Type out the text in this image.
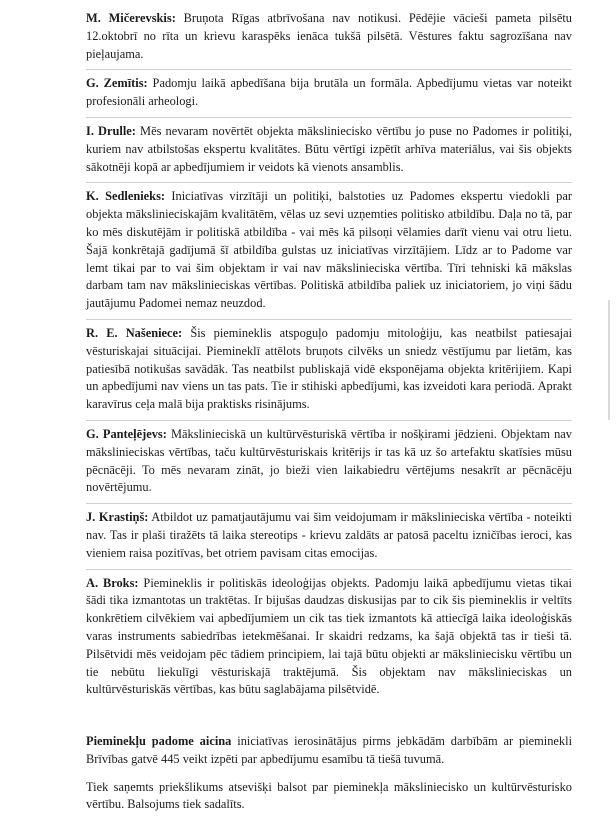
M. Mičerevskis: Bruņota Rīgas atbrīvošana nav notikusi. Pēdējie vācieši pameta pilsētu 12.oktobrī no rīta un krievu karaspēks ienāca tukšā pilsētā. Vēstures faktu sagrozīšana nav pieļaujama.
G. Zemītis: Padomju laikā apbedīšana bija brutāla un formāla. Apbedījumu vietas var noteikt profesionāli arheologi.
I. Drulle: Mēs nevaram novērtēt objekta mākslinieciskο vērtību jo puse no Padomes ir politiķi, kuriem nav atbilstošas ekspertu kvalitātes. Būtu vērtīgi izpētīt arhīva materiālus, vai šis objekts sākotnēji kopā ar apbedījumiem ir veidots kā vienots ansamblis.
K. Sedlenieks: Iniciatīvas virzītāji un politiķi, balstoties uz Padomes ekspertu viedokli par objekta mākslinieciskajām kvalitātēm, vēlas uz sevi uzņemties politisko atbildību. Daļa no tā, par ko mēs diskutējām ir politiskā atbildība - vai mēs kā pilsoņi vēlamies darīt vienu vai otru lietu. Šajā konkrētajā gadījumā šī atbildība gulstas uz iniciatīvas virzītājiem. Līdz ar to Padome var lemt tikai par to vai šim objektam ir vai nav mākslinieciska vērtība. Tīri tehniski kā mākslas darbam tam nav mākslinieciskas vērtības. Politiskā atbildība paliek uz iniciatoriem, jo viņi šādu jautājumu Padomei nemaz neuzdod.
R. E. Našeniece: Šis piemineklis atspoguļo padomju mitoloģiju, kas neatbilst patiesajai vēsturiskajai situācijai. Piemineklī attēlots bruņots cilvēks un sniedz vēstījumu par lietām, kas patiesībā notikušas savādāk. Tas neatbilst publiskajā vidē eksponējama objekta kritērijiem. Kapi un apbedījumi nav viens un tas pats. Tie ir stihiski apbedījumi, kas izveidoti kara periodā. Aprakt karavīrus ceļa malā bija praktisks risinājums.
G. Panteļējevs: Mākslinieciskā un kultūrvēsturiskā vērtība ir nošķirami jēdzieni. Objektam nav mākslinieciskas vērtības, taču kultūrvēsturiskais kritērijs ir tas kā uz šo artefaktu skatīsies mūsu pēcnācēji. To mēs nevaram zināt, jo bieži vien laikabiedru vērtējums nesakrīt ar pēcnācēju novērtējumu.
J. Krastiņš: Atbildot uz pamatjautājumu vai šim veidojumam ir mākslinieciska vērtība - noteikti nav. Tas ir plaši tiražēts tā laika stereotips - krievu zaldāts ar patosā paceltu izničības ieroci, kas vieniem raisa pozitīvas, bet otriem pavisam citas emocijas.
A. Broks: Piemineklis ir politiskās ideoloģijas objekts. Padomju laikā apbedījumu vietas tikai šādi tika izmantotas un traktētas. Ir bijušas daudzas diskusijas par to cik šis piemineklis ir veltīts konkrētiem cilvēkiem vai apbedījumiem un cik tas tiek izmantots kā attiecīgā laika ideoloģiskās varas instruments sabiedrības ietekmēšanai. Ir skaidri redzams, ka šajā objektā tas ir tieši tā. Pilsētvidi mēs veidojam pēc tādiem principiem, lai tajā būtu objekti ar māksliniecisku vērtību un tie nebūtu liekulīgi vēsturiskajā traktējumā. Šis objektam nav mākslinieciskas un kultūrvēsturiskās vērtības, kas būtu saglabājama pilsētvidē.
Pieminekļu padome aicina iniciatīvas ierosinātājus pirms jebkādām darbībām ar pieminekli Brīvības gatvē 445 veikt izpēti par apbedījumu esamību tā tiešā tuvumā.
Tiek saņemts priekšlikums atsevišķi balsot par pieminekļa mākslinieciskο un kultūrvēsturisko vērtību. Balsojums tiek sadalīts.
